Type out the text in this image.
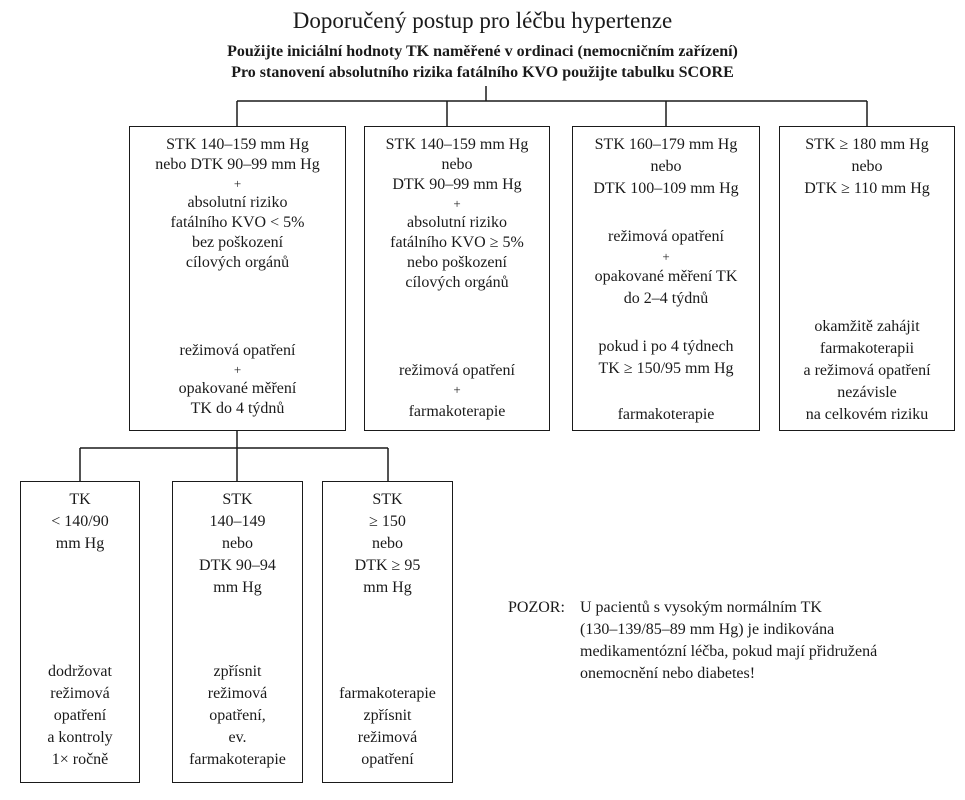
Doporučený postup pro léčbu hypertenze
Použijte iniciální hodnoty TK naměřené v ordinaci (nemocničním zařízení)
Pro stanovení absolutního rizika fatálního KVO použijte tabulku SCORE
STK 140–159 mm Hg
nebo DTK 90–99 mm Hg
+
absolutní riziko
fatálního KVO < 5%
bez poškození
cílových orgánů
režimová opatření
+
opakované měření
TK do 4 týdnů
STK 140–159 mm Hg
nebo
DTK 90–99 mm Hg
+
absolutní riziko
fatálního KVO ≥ 5%
nebo poškození
cílových orgánů
režimová opatření
+
farmakoterapie
STK 160–179 mm Hg
nebo
DTK 100–109 mm Hg
režimová opatření
+
opakované měření TK
do 2–4 týdnů
pokud i po 4 týdnech
TK ≥ 150/95 mm Hg
farmakoterapie
STK ≥ 180 mm Hg
nebo
DTK ≥ 110 mm Hg
okamžitě zahájit
farmakoterapii
a režimová opatření
nezávisle
na celkovém riziku
TK
< 140/90
mm Hg
dodržovat
režimová
opatření
a kontroly
1× ročně
STK
140–149
nebo
DTK 90–94
mm Hg
zpřísnit
režimová
opatření,
ev.
farmakoterapie
STK
≥ 150
nebo
DTK ≥ 95
mm Hg
farmakoterapie
zpřísnit
režimová
opatření
POZOR: U pacientů s vysokým normálním TK
(130–139/85–89 mm Hg) je indikována
medikamentózní léčba, pokud mají přidružená
onemocnění nebo diabetes!
